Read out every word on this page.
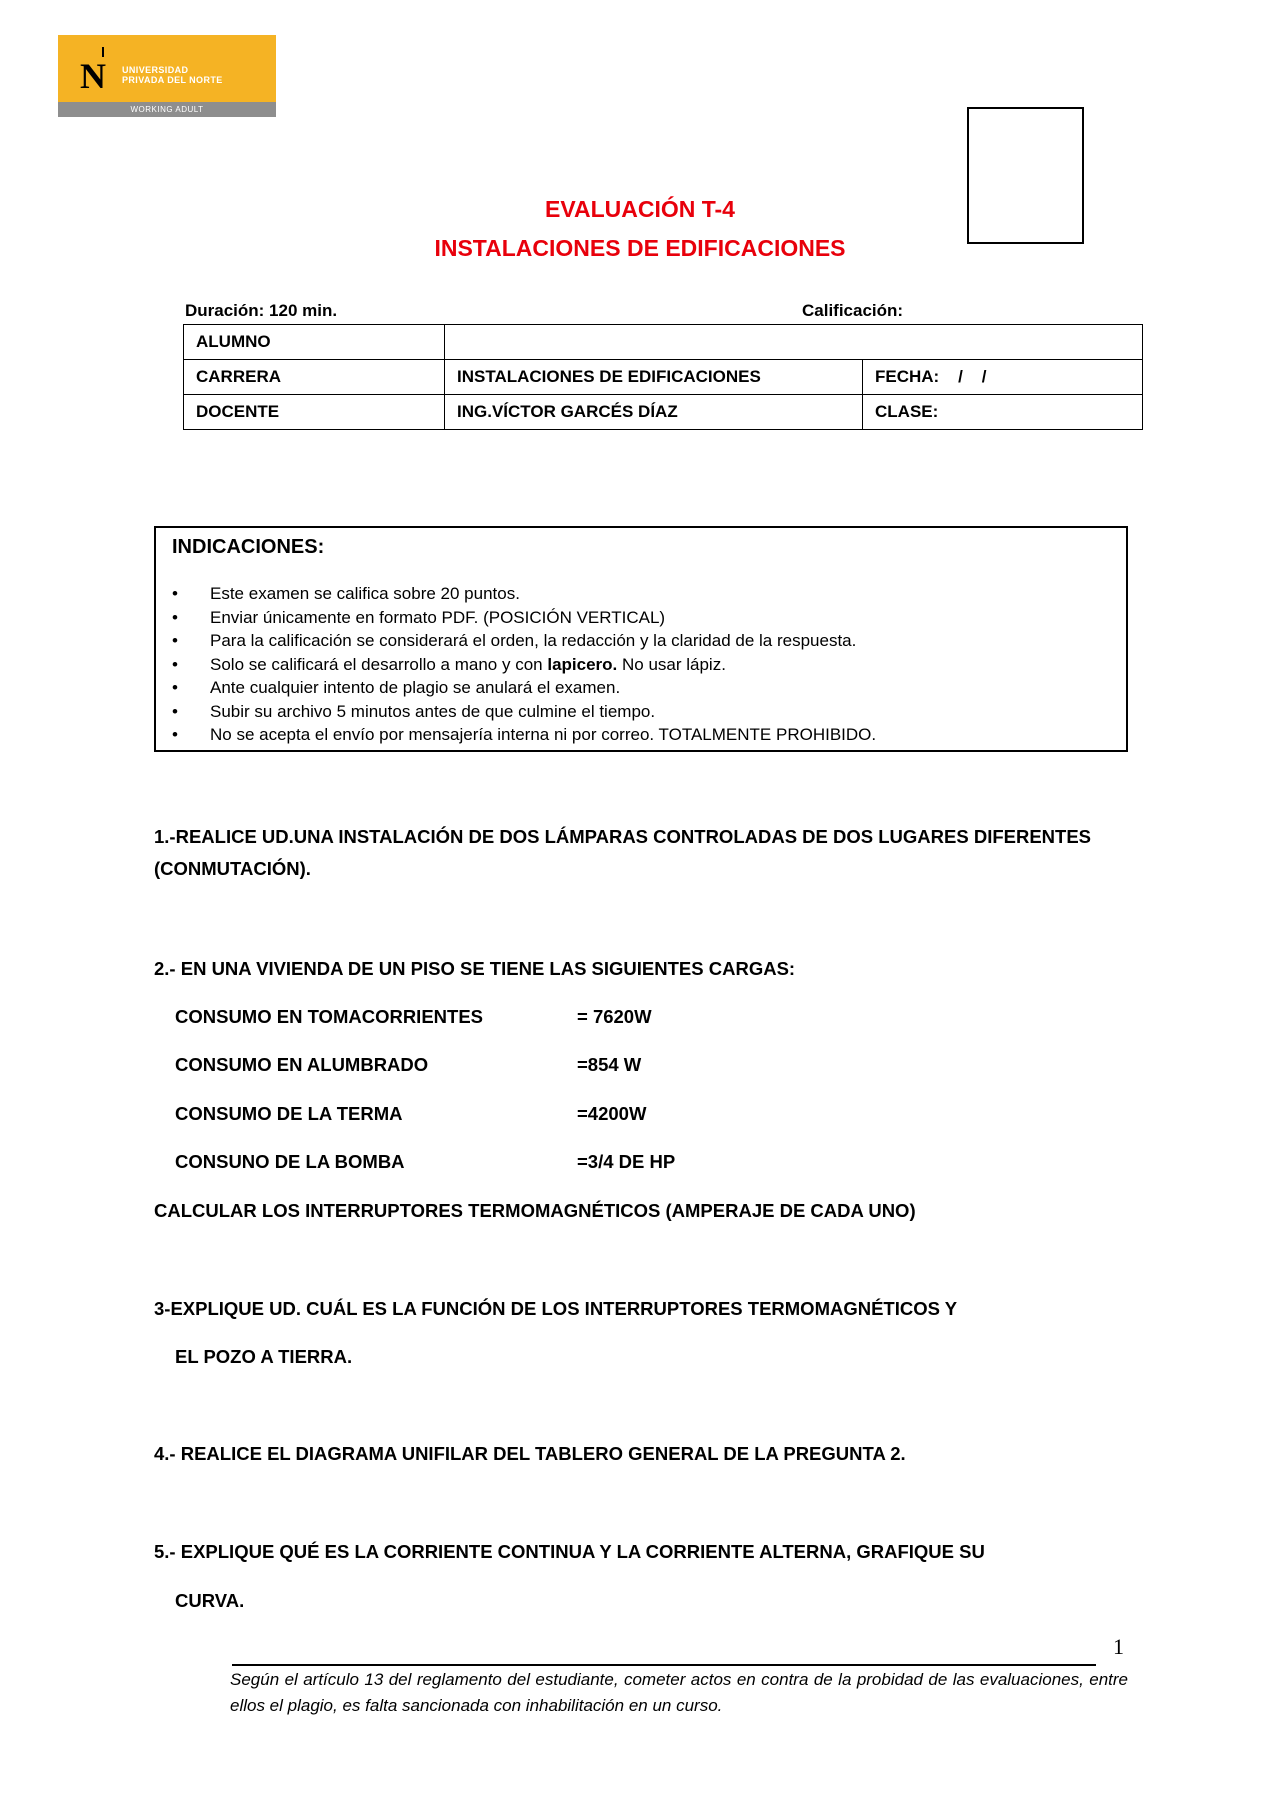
N UNIVERSIDAD
PRIVADA DEL NORTE
WORKING ADULT
EVALUACIÓN T-4
INSTALACIONES DE EDIFICACIONES
Duración: 120 min.	Calificación:
ALUMNO		
CARRERA	INSTALACIONES DE EDIFICACIONES	FECHA:    /    /
DOCENTE	ING.VÍCTOR GARCÉS DÍAZ	CLASE:
INDICACIONES:
• Este examen se califica sobre 20 puntos.
• Enviar únicamente en formato PDF. (POSICIÓN VERTICAL)
• Para la calificación se considerará el orden, la redacción y la claridad de la respuesta.
• Solo se calificará el desarrollo a mano y con lapicero. No usar lápiz.
• Ante cualquier intento de plagio se anulará el examen.
• Subir su archivo 5 minutos antes de que culmine el tiempo.
• No se acepta el envío por mensajería interna ni por correo. TOTALMENTE PROHIBIDO.
1.-REALICE UD.UNA INSTALACIÓN DE DOS LÁMPARAS CONTROLADAS DE DOS LUGARES DIFERENTES
(CONMUTACIÓN).
2.- EN UNA VIVIENDA DE UN PISO SE TIENE LAS SIGUIENTES CARGAS:
CONSUMO EN TOMACORRIENTES	= 7620W
CONSUMO EN ALUMBRADO	=854 W
CONSUMO DE LA TERMA	=4200W
CONSUNO DE LA BOMBA	=3/4 DE HP
CALCULAR LOS INTERRUPTORES TERMOMAGNÉTICOS (AMPERAJE DE CADA UNO)
3-EXPLIQUE UD. CUÁL ES LA FUNCIÓN DE LOS INTERRUPTORES TERMOMAGNÉTICOS Y
EL POZO A TIERRA.
4.- REALICE EL DIAGRAMA UNIFILAR DEL TABLERO GENERAL DE LA PREGUNTA 2.
5.- EXPLIQUE QUÉ ES LA CORRIENTE CONTINUA Y LA CORRIENTE ALTERNA, GRAFIQUE SU
CURVA.
1
Según el artículo 13 del reglamento del estudiante, cometer actos en contra de la probidad de las evaluaciones, entre ellos el plagio, es falta sancionada con inhabilitación en un curso.
